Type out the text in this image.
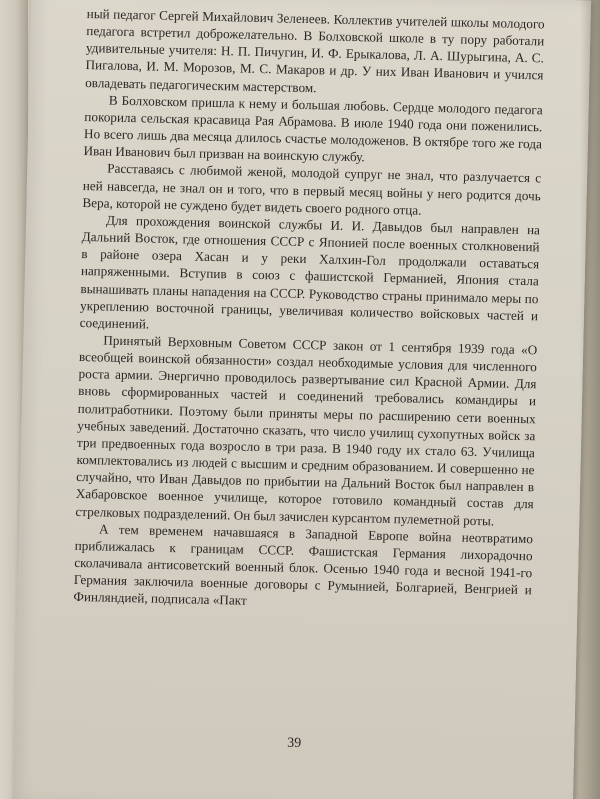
ный педагог Сергей Михайлович Зеленеев. Коллектив учителей школы молодого педагога встретил доброжелательно. В Болховской школе в ту пору работали удивительные учителя: Н. П. Пичугин, И. Ф. Ерыкалова, Л. А. Шурыгина, А. С. Пигалова, И. М. Морозов, М. С. Макаров и др. У них Иван Иванович и учился овладевать педагогическим мастерством.

В Болховском пришла к нему и большая любовь. Сердце молодого педагога покорила сельская красавица Рая Абрамова. В июле 1940 года они поженились. Но всего лишь два месяца длилось счастье молодоженов. В октябре того же года Иван Иванович был призван на воинскую службу.

Расставаясь с любимой женой, молодой супруг не знал, что разлучается с ней навсегда, не знал он и того, что в первый месяц войны у него родится дочь Вера, которой не суждено будет видеть своего родного отца.

Для прохождения воинской службы И. И. Давыдов был направлен на Дальний Восток, где отношения СССР с Японией после военных столкновений в районе озера Хасан и у реки Халхин-Гол продолжали оставаться напряженными. Вступив в союз с фашистской Германией, Япония стала вынашивать планы нападения на СССР. Руководство страны принимало меры по укреплению восточной границы, увеличивая количество войсковых частей и соединений.

Принятый Верховным Советом СССР закон от 1 сентября 1939 года «О всеобщей воинской обязанности» создал необходимые условия для численного роста армии. Энергично проводилось развертывание сил Красной Армии. Для вновь сформированных частей и соединений требовались командиры и политработники. Поэтому были приняты меры по расширению сети военных учебных заведений. Достаточно сказать, что число училищ сухопутных войск за три предвоенных года возросло в три раза. В 1940 году их стало 63. Училища комплектовались из людей с высшим и средним образованием. И совершенно не случайно, что Иван Давыдов по прибытии на Дальний Восток был направлен в Хабаровское военное училище, которое готовило командный состав для стрелковых подразделений. Он был зачислен курсантом пулеметной роты.

А тем временем начавшаяся в Западной Европе война неотвратимо приближалась к границам СССР. Фашистская Германия лихорадочно сколачивала антисоветский военный блок. Осенью 1940 года и весной 1941-го Германия заключила военные договоры с Румынией, Болгарией, Венгрией и Финляндией, подписала «Пакт

39
